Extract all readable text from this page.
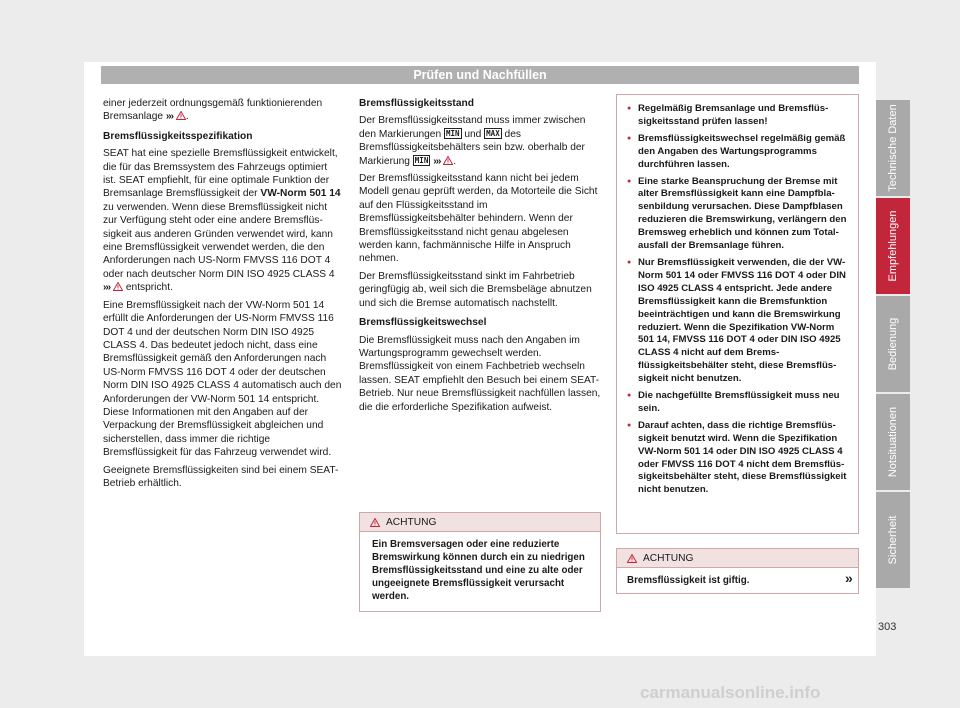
Prüfen und Nachfüllen

einer jederzeit ordnungsgemäß funktionierenden Bremsanlage ››› .

Bremsflüssigkeitsspezifikation

SEAT hat eine spezielle Bremsflüssigkeit entwickelt, die für das Bremssystem des Fahrzeugs optimiert ist. SEAT empfiehlt, für eine optimale Funktion der Bremsanlage Bremsflüssigkeit der VW-Norm 501 14 zu verwenden. Wenn diese Bremsflüssigkeit nicht zur Verfügung steht oder eine andere Bremsflüssigkeit aus anderen Gründen verwendet wird, kann eine Bremsflüssigkeit verwendet werden, die den Anforderungen nach US-Norm FMVSS 116 DOT 4 oder nach deutscher Norm DIN ISO 4925 CLASS 4 ›››
entspricht.

Eine Bremsflüssigkeit nach der VW-Norm 501 14 erfüllt die Anforderungen der US-Norm FMVSS 116 DOT 4 und der deutschen Norm DIN ISO 4925 CLASS 4. Das bedeutet jedoch nicht, dass eine Bremsflüssigkeit gemäß den Anforderungen nach US-Norm FMVSS 116 DOT 4 oder der deutschen Norm DIN ISO 4925 CLASS 4 automatisch auch den Anforderungen der VW-Norm 501 14 entspricht. Diese Informationen mit den Angaben auf der Verpackung der Bremsflüssigkeit abgleichen und sicherstellen, dass immer die richtige Bremsflüssigkeit für das Fahrzeug verwendet wird.

Geeignete Bremsflüssigkeiten sind bei einem SEAT-Betrieb erhältlich.

Bremsflüssigkeitsstand

Der Bremsflüssigkeitsstand muss immer zwischen den Markierungen MIN und MAX des Bremsflüssigkeitsbehälters sein bzw. oberhalb der Markierung MIN ››› .

Der Bremsflüssigkeitsstand kann nicht bei jedem Modell genau geprüft werden, da Motorteile die Sicht auf den Flüssigkeitsstand im Bremsflüssigkeitsbehälter behindern. Wenn der Bremsflüssigkeitsstand nicht genau abgelesen werden kann, fachmännische Hilfe in Anspruch nehmen.

Der Bremsflüssigkeitsstand sinkt im Fahrbetrieb geringfügig ab, weil sich die Bremsbeläge abnutzen und sich die Bremse automatisch nachstellt.

Bremsflüssigkeitswechsel

Die Bremsflüssigkeit muss nach den Angaben im Wartungsprogramm gewechselt werden. Bremsflüssigkeit von einem Fachbetrieb wechseln lassen. SEAT empfiehlt den Besuch bei einem SEAT-Betrieb. Nur neue Bremsflüssigkeit nachfüllen lassen, die die erforderliche Spezifikation aufweist.

ACHTUNG
Ein Bremsversagen oder eine reduzierte Bremswirkung können durch ein zu niedrigen Bremsflüssigkeitsstand und eine zu alte oder ungeeignete Bremsflüssigkeit verursacht werden.
● Regelmäßig Bremsanlage und Bremsflüssigkeitsstand prüfen lassen!
● Bremsflüssigkeitswechsel regelmäßig gemäß den Angaben des Wartungsprogramms durchführen lassen.
● Eine starke Beanspruchung der Bremse mit alter Bremsflüssigkeit kann eine Dampfblasenbildung verursachen. Diese Dampfblasen reduzieren die Bremswirkung, verlängern den Bremsweg erheblich und können zum Totalausfall der Bremsanlage führen.
● Nur Bremsflüssigkeit verwenden, die der VW-Norm 501 14 oder FMVSS 116 DOT 4 oder DIN ISO 4925 CLASS 4 entspricht. Jede andere Bremsflüssigkeit kann die Bremsfunktion beeinträchtigen und kann die Bremswirkung reduziert. Wenn die Spezifikation VW-Norm 501 14, FMVSS 116 DOT 4 oder DIN ISO 4925 CLASS 4 nicht auf dem Bremsflüssigkeitsbehälter steht, diese Bremsflüssigkeit nicht benutzen.
● Die nachgefüllte Bremsflüssigkeit muss neu sein.
● Darauf achten, dass die richtige Bremsflüssigkeit benutzt wird. Wenn die Spezifikation VW-Norm 501 14 oder DIN ISO 4925 CLASS 4 oder FMVSS 116 DOT 4 nicht dem Bremsflüssigkeitsbehälter steht, diese Bremsflüssigkeit nicht benutzen.
ACHTUNG
Bremsflüssigkeit ist giftig.	»
Technische Daten
Empfehlungen
Bedienung
Notsituationen
Sicherheit
303
carmanualsonline.info
